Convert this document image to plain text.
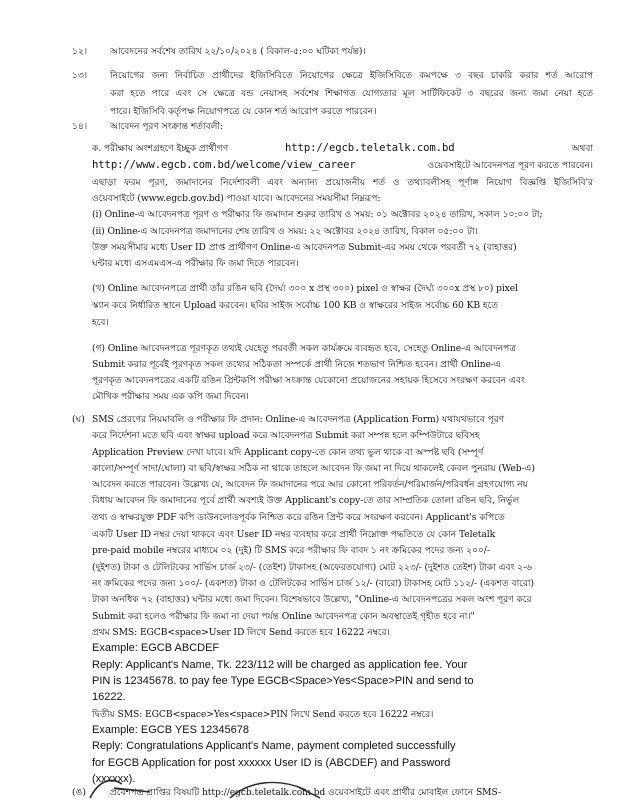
১২। আবেদনের সর্বশেষ তারিখ ২২/১০/২০২৪ ( বিকাল-৫:০০ ঘটিকা পর্যন্ত)।
১৩। নিয়োগের জন্য নির্বাচিত প্রার্থীদের ইজিসিবিতে নিয়োগের ক্ষেত্রে ইজিসিবিতে কমপক্ষে ৩ বছর চাকরি করার শর্ত আরোপ
করা হতে পারে এবং সে ক্ষেত্রে বন্ড নেয়াসহ সর্বশেষ শিক্ষাগত যোগ্যতার মূল সার্টিফিকেট ৩ বছরের জন্য জমা নেয়া হতে
পারে। ইজিসিবি কর্তৃপক্ষ নিয়োগপত্রে যে কোন শর্ত আরোপ করতে পারবেন।
১৪। আবেদন পূরণ সংক্রান্ত শর্তাবলী:
ক. পরীক্ষায় অংশগ্রহণে ইচ্ছুক প্রার্থীগণ	http://egcb.teletalk.com.bd	অথবা
http://www.egcb.com.bd/welcome/view_career	ওয়েবসাইটে আবেদনপত্র পূরণ করতে পারবেন।
এছাড়া ফরম পূরণ, জমাদানের নির্দেশাবলী এবং অন্যান্য প্রয়োজনীয় শর্ত ও তথ্যাবলীসহ পূর্ণাঙ্গ নিয়োগ বিজ্ঞপ্তি ইজিসিবি'র
ওয়েবসাইটে (www.egcb.gov.bd) পাওয়া যাবে। আবেদনের সময়সীমা নিম্নরূপ:
(i) Online-এ আবেদনপত্র পূরণ ও পরীক্ষার ফি জমাদান শুরুর তারিখ ও সময়: ০১ অক্টোবর ২০২৪ তারিখ, সকাল ১০:০০ টা;
(ii) Online-এ আবেদনপত্র জমাদানের শেষ তারিখ ও সময়: ২২ অক্টোবর ২০২৪ তারিখ, বিকাল ০৫:০০ টা।
উক্ত সময়সীমার মধ্যে User ID প্রাপ্ত প্রার্থীগণ Online-এ আবেদনপত্র Submit-এর সময় থেকে পরবর্তী ৭২ (বাহাত্তর)
ঘন্টার মধ্যে এসএমএস-এ পরীক্ষার ফি জমা দিতে পারবেন।
(খ) Online আবেদনপত্রে প্রার্থী তাঁর রঙিন ছবি (দৈর্ঘ্য ৩০০ x প্রস্থ ৩০০) pixel ও স্বাক্ষর (দৈর্ঘ্য ৩০০x প্রস্থ ৮০) pixel
স্ক্যান করে নির্ধারিত স্থানে Upload করবেন। ছবির সাইজ সর্বোচ্চ 100 KB ও স্বাক্ষরের সাইজ সর্বোচ্চ 60 KB হতে
হবে।
(গ) Online আবেদনপত্রে পূরণকৃত তথ্যই যেহেতু পরবর্তী সকল কার্যক্রমে ব্যবহৃত হবে, সেহেতু Online-এ আবেদনপত্র
Submit করার পূর্বেই পূরণকৃত সকল তথ্যের সঠিকতা সম্পর্কে প্রার্থী নিজে শতভাগ নিশ্চিত হবেন। প্রার্থী Online-এ
পূরণকৃত আবেদনপত্রের একটি রঙিন প্রিন্টকপি পরীক্ষা সংক্রান্ত যেকোনো প্রয়োজনের সহায়ক হিসেবে সংরক্ষণ করবেন এবং
মৌখিক পরীক্ষার সময় এক কপি জমা দিবেন।
(ঘ) SMS প্রেরণের নিয়মাবলি ও পরীক্ষার ফি প্রদান: Online-এ আবেদনপত্র (Application Form) যথাযথভাবে পূরণ
করে নির্দেশনা মতে ছবি এবং স্বাক্ষর upload করে আবেদনপত্র Submit করা সম্পন্ন হলে কম্পিউটারে ছবিসহ
Application Preview দেখা যাবে। যদি Applicant copy-তে কোন তথ্য ভুল থাকে বা অস্পষ্ট ছবি (সম্পূর্ণ
কালো/সম্পূর্ণ সাদা/ঘোলা) বা ছবি/স্বাক্ষর সঠিক না থাকে তাহলে আবেদন ফি জমা না দিয়ে থাকলেই কেবল পুনরায় (Web-এ)
আবেদন করতে পারবেন। উল্লেখ্য যে, আবেদন ফি জমাদানের পরে আর কোনো পরিবর্তন/পরিমার্জন/পরিবর্ধন গ্রহণযোগ্য নয়
বিধায় আবেদন ফি জমাদানের পূর্বে প্রার্থী অবশ্যই উক্ত Applicant's copy-তে তার সাম্প্রতিক তোলা রঙিন ছবি, নির্ভুল
তথ্য ও স্বাক্ষরযুক্ত PDF কপি ডাউনলোডপূর্বক নিশ্চিত করে রঙিন প্রিন্ট করে সংরক্ষণ করবেন। Applicant's কপিতে
একটি User ID নম্বর দেয়া থাকবে এবং User ID নম্বর ব্যবহার করে প্রার্থী নিম্নোক্ত পদ্ধতিতে যে কোন Teletalk
pre-paid mobile নম্বরের মাধ্যমে ০২ (দুই) টি SMS করে পরীক্ষার ফি বাবদ ১ নং ক্রমিকের পদের জন্য ২০০/-
(দুইশত) টাকা ও টেলিটকের সার্ভিস চার্জ ২৩/- (তেইশ) টাকাসহ (অফেরতযোগ্য) মোট ২২৩/- (দুইশত তেইশ) টাকা এবং ২-৬
নং ক্রমিকের পদের জন্য ১০০/- (একশত) টাকা ও টেলিটকের সার্ভিস চার্জ ১২/- (বারো) টাকাসহ মোট ১১২/- (একশত বারো)
টাকা অনধিক ৭২ (বাহাত্তর) ঘন্টার মধ্যে জমা দিবেন। বিশেষভাবে উল্লেখ্য, "Online-এ আবেদনপত্রের সকল অংশ পূরণ করে
Submit করা হলেও পরীক্ষার ফি জমা না দেয়া পর্যন্ত Online আবেদনপত্র কোন অবস্থাতেই গৃহীত হবে না।"
প্রথম SMS: EGCB<space>User ID লিখে Send করতে হবে 16222 নম্বরে।
Example: EGCB ABCDEF
Reply: Applicant's Name, Tk. 223/112 will be charged as application fee. Your
PIN is 12345678. to pay fee Type EGCB<Space>Yes<Space>PIN and send to
16222.
দ্বিতীয় SMS: EGCB<space>Yes<space>PIN লিখে Send করতে হবে 16222 নম্বরে।
Example: EGCB YES 12345678
Reply: Congratulations Applicant's Name, payment completed successfully
for EGCB Application for post xxxxxx User ID is (ABCDEF) and Password
(xxxxxx).
(ঙ)	প্রবেশপত্র প্রাপ্তির বিষয়টি http://egcb.teletalk.com.bd ওয়েবসাইটে এবং প্রার্থীর মোবাইল ফোনে SMS-
